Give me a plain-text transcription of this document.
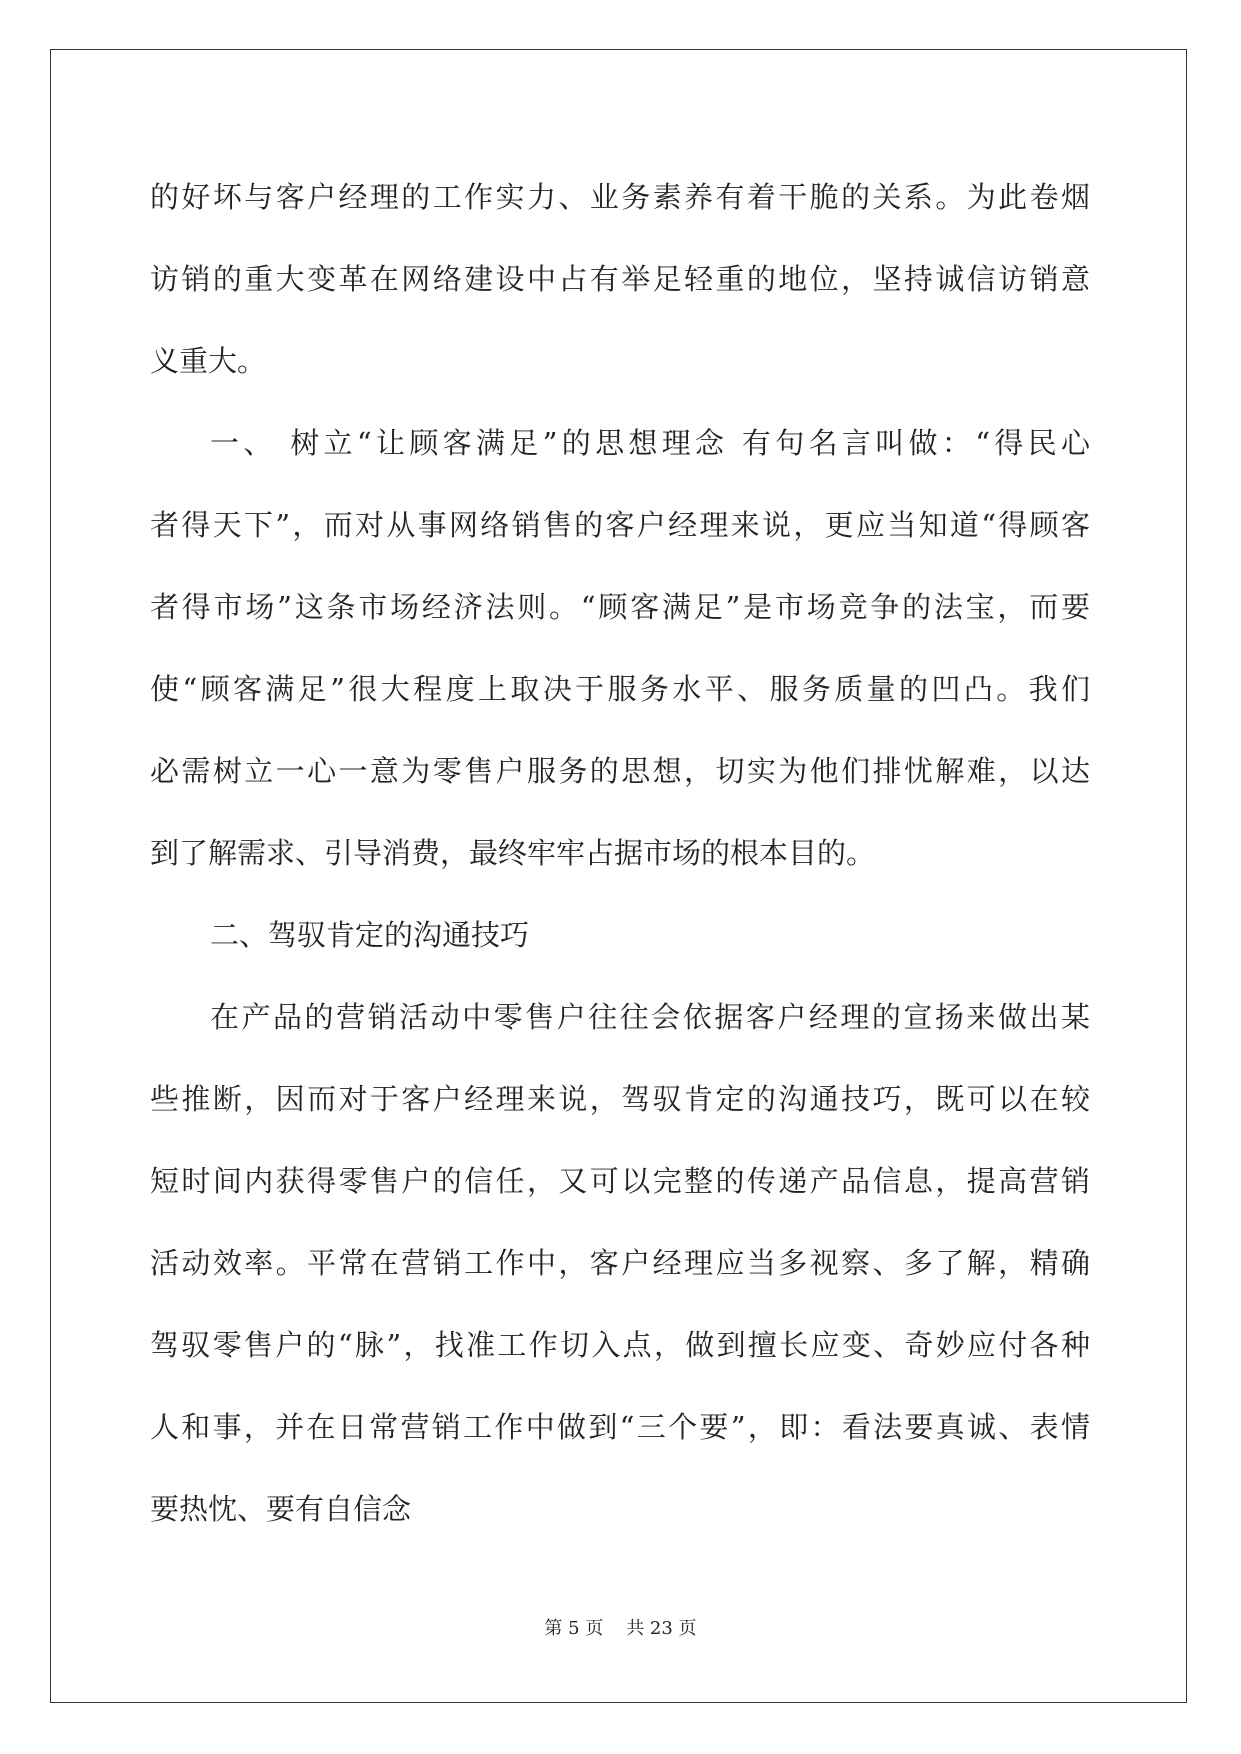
的好坏与客户经理的工作实力、业务素养有着干脆的关系。为此卷烟
访销的重大变革在网络建设中占有举足轻重的地位，坚持诚信访销意
义重大。
一、 树立“让顾客满足”的思想理念 有句名言叫做：“得民心
者得天下”，而对从事网络销售的客户经理来说，更应当知道“得顾客
者得市场”这条市场经济法则。“顾客满足”是市场竞争的法宝，而要
使“顾客满足”很大程度上取决于服务水平、服务质量的凹凸。我们
必需树立一心一意为零售户服务的思想，切实为他们排忧解难，以达
到了解需求、引导消费，最终牢牢占据市场的根本目的。
二、驾驭肯定的沟通技巧
在产品的营销活动中零售户往往会依据客户经理的宣扬来做出某
些推断，因而对于客户经理来说，驾驭肯定的沟通技巧，既可以在较
短时间内获得零售户的信任，又可以完整的传递产品信息，提高营销
活动效率。平常在营销工作中，客户经理应当多视察、多了解，精确
驾驭零售户的“脉”，找准工作切入点，做到擅长应变、奇妙应付各种
人和事，并在日常营销工作中做到“三个要”，即：看法要真诚、表情
要热忱、要有自信念
第 5 页    共 23 页
